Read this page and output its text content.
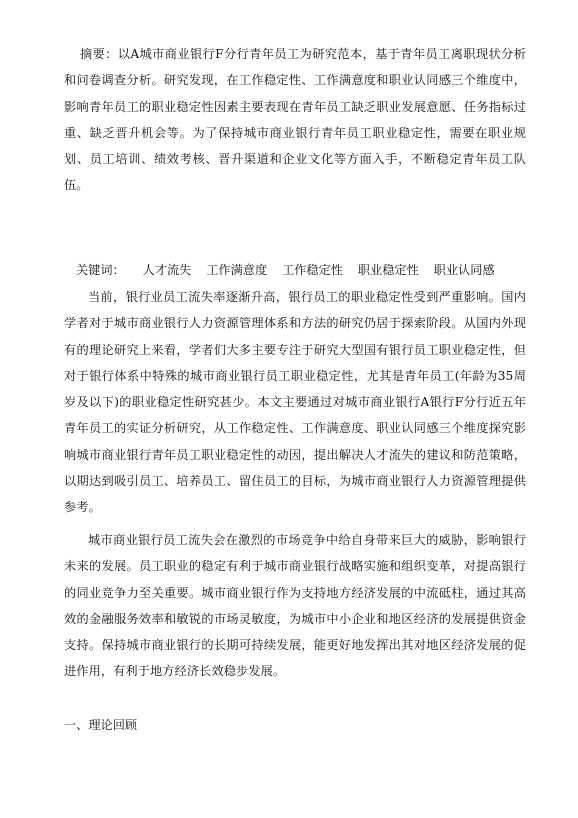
摘要：以A城市商业银行F分行青年员工为研究范本，基于青年员工离职现状分析和问卷调查分析。研究发现，在工作稳定性、工作满意度和职业认同感三个维度中，影响青年员工的职业稳定性因素主要表现在青年员工缺乏职业发展意愿、任务指标过重、缺乏晋升机会等。为了保持城市商业银行青年员工职业稳定性，需要在职业规划、员工培训、绩效考核、晋升渠道和企业文化等方面入手，不断稳定青年员工队伍。

关键词： 人才流失 工作满意度 工作稳定性 职业稳定性 职业认同感

当前，银行业员工流失率逐渐升高，银行员工的职业稳定性受到严重影响。国内学者对于城市商业银行人力资源管理体系和方法的研究仍居于探索阶段。从国内外现有的理论研究上来看，学者们大多主要专注于研究大型国有银行员工职业稳定性，但对于银行体系中特殊的城市商业银行员工职业稳定性，尤其是青年员工(年龄为35周岁及以下)的职业稳定性研究甚少。本文主要通过对城市商业银行A银行F分行近五年青年员工的实证分析研究，从工作稳定性、工作满意度、职业认同感三个维度探究影响城市商业银行青年员工职业稳定性的动因，提出解决人才流失的建议和防范策略，以期达到吸引员工、培养员工、留住员工的目标，为城市商业银行人力资源管理提供参考。

城市商业银行员工流失会在激烈的市场竞争中给自身带来巨大的威胁，影响银行未来的发展。员工职业的稳定有利于城市商业银行战略实施和组织变革，对提高银行的同业竞争力至关重要。城市商业银行作为支持地方经济发展的中流砥柱，通过其高效的金融服务效率和敏锐的市场灵敏度，为城市中小企业和地区经济的发展提供资金支持。保持城市商业银行的长期可持续发展，能更好地发挥出其对地区经济发展的促进作用，有利于地方经济长效稳步发展。

一、理论回顾
